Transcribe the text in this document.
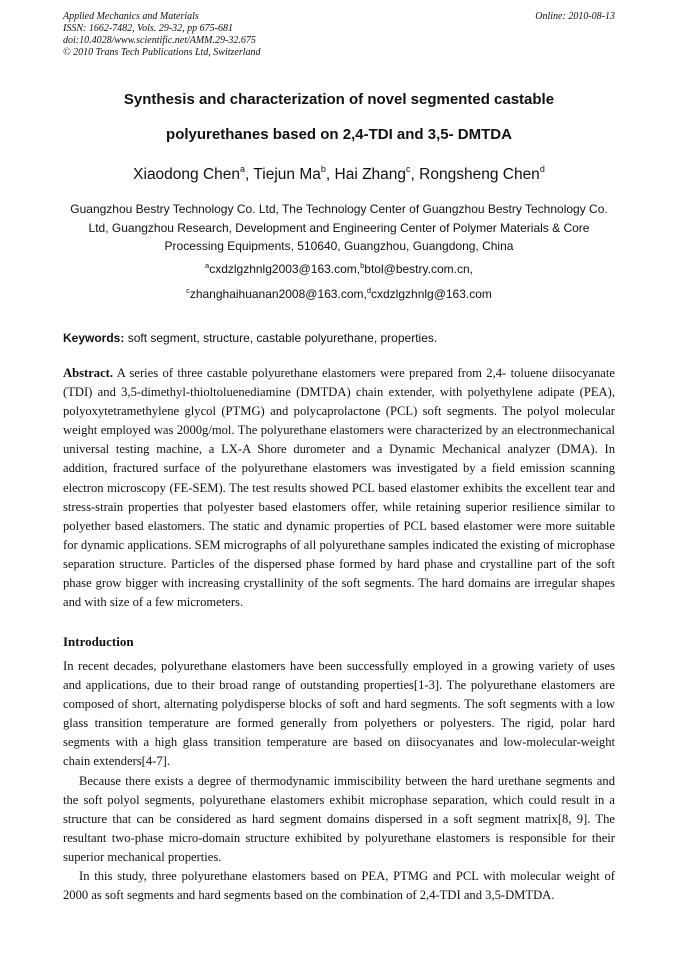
Applied Mechanics and Materials
ISSN: 1662-7482, Vols. 29-32, pp 675-681
doi:10.4028/www.scientific.net/AMM.29-32.675
© 2010 Trans Tech Publications Ltd, Switzerland
Online: 2010-08-13
Synthesis and characterization of novel segmented castable
polyurethanes based on 2,4-TDI and 3,5- DMTDA
Xiaodong Chen$^a$, Tiejun Ma$^b$, Hai Zhang$^c$, Rongsheng Chen$^d$
Guangzhou Bestry Technology Co. Ltd, The Technology Center of Guangzhou Bestry Technology Co. Ltd, Guangzhou Research, Development and Engineering Center of Polymer Materials & Core Processing Equipments, 510640, Guangzhou, Guangdong, China
$^a$cxdzlgzhnlg2003@163.com,$^b$btol@bestry.com.cn,
$^c$zhanghaihuanan2008@163.com,$^d$cxdzlgzhnlg@163.com
Keywords: soft segment, structure, castable polyurethane, properties.

Abstract. A series of three castable polyurethane elastomers were prepared from 2,4- toluene diisocyanate (TDI) and 3,5-dimethyl-thioltoluenediamine (DMTDA) chain extender, with polyethylene adipate (PEA), polyoxytetramethylene glycol (PTMG) and polycaprolactone (PCL) soft segments. The polyol molecular weight employed was 2000g/mol. The polyurethane elastomers were characterized by an electronmechanical universal testing machine, a LX-A Shore durometer and a Dynamic Mechanical analyzer (DMA). In addition, fractured surface of the polyurethane elastomers was investigated by a field emission scanning electron microscopy (FE-SEM). The test results showed PCL based elastomer exhibits the excellent tear and stress-strain properties that polyester based elastomers offer, while retaining superior resilience similar to polyether based elastomers. The static and dynamic properties of PCL based elastomer were more suitable for dynamic applications. SEM micrographs of all polyurethane samples indicated the existing of microphase separation structure. Particles of the dispersed phase formed by hard phase and crystalline part of the soft phase grow bigger with increasing crystallinity of the soft segments. The hard domains are irregular shapes and with size of a few micrometers.

Introduction

In recent decades, polyurethane elastomers have been successfully employed in a growing variety of uses and applications, due to their broad range of outstanding properties[1-3]. The polyurethane elastomers are composed of short, alternating polydisperse blocks of soft and hard segments. The soft segments with a low glass transition temperature are formed generally from polyethers or polyesters. The rigid, polar hard segments with a high glass transition temperature are based on diisocyanates and low-molecular-weight chain extenders[4-7].

Because there exists a degree of thermodynamic immiscibility between the hard urethane segments and the soft polyol segments, polyurethane elastomers exhibit microphase separation, which could result in a structure that can be considered as hard segment domains dispersed in a soft segment matrix[8, 9]. The resultant two-phase micro-domain structure exhibited by polyurethane elastomers is responsible for their superior mechanical properties.

In this study, three polyurethane elastomers based on PEA, PTMG and PCL with molecular weight of 2000 as soft segments and hard segments based on the combination of 2,4-TDI and 3,5-DMTDA.
